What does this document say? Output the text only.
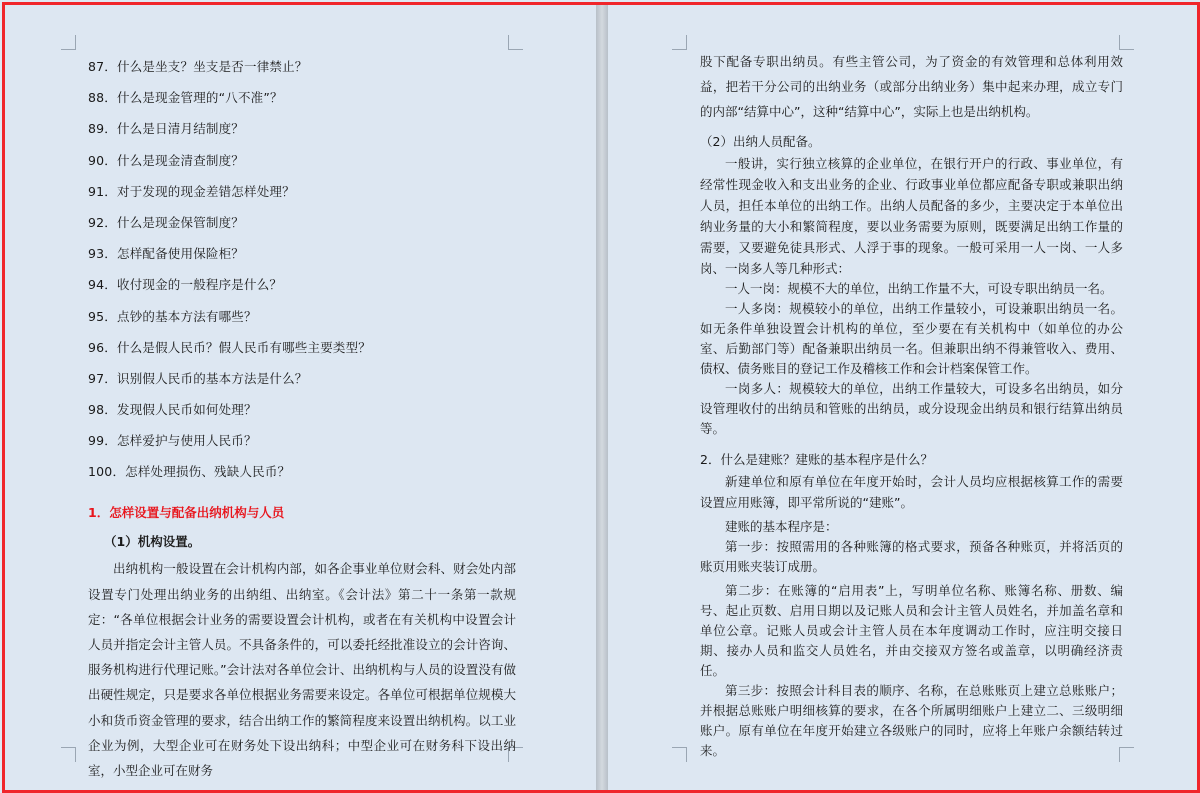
87．什么是坐支？坐支是否一律禁止？
88．什么是现金管理的“八不准”？
89．什么是日清月结制度？
90．什么是现金清查制度？
91．对于发现的现金差错怎样处理？
92．什么是现金保管制度？
93．怎样配备使用保险柜？
94．收付现金的一般程序是什么？
95．点钞的基本方法有哪些？
96．什么是假人民币？假人民币有哪些主要类型？
97．识别假人民币的基本方法是什么？
98．发现假人民币如何处理？
99．怎样爱护与使用人民币？
100．怎样处理损伤、残缺人民币？
1．怎样设置与配备出纳机构与人员
（1）机构设置。

出纳机构一般设置在会计机构内部，如各企事业单位财会科、财会处内部设置专门处理出纳业务的出纳组、出纳室。《会计法》第二十一条第一款规定：“各单位根据会计业务的需要设置会计机构，或者在有关机构中设置会计人员并指定会计主管人员。不具备条件的，可以委托经批准设立的会计咨询、服务机构进行代理记账。”会计法对各单位会计、出纳机构与人员的设置没有做出硬性规定，只是要求各单位根据业务需要来设定。各单位可根据单位规模大小和货币资金管理的要求，结合出纳工作的繁简程度来设置出纳机构。以工业企业为例，大型企业可在财务处下设出纳科；中型企业可在财务科下设出纳室，小型企业可在财务

股下配备专职出纳员。有些主管公司，为了资金的有效管理和总体利用效益，把若干分公司的出纳业务（或部分出纳业务）集中起来办理，成立专门的内部“结算中心”，这种“结算中心”，实际上也是出纳机构。

（2）出纳人员配备。

一般讲，实行独立核算的企业单位，在银行开户的行政、事业单位，有经常性现金收入和支出业务的企业、行政事业单位都应配备专职或兼职出纳人员，担任本单位的出纳工作。出纳人员配备的多少，主要决定于本单位出纳业务量的大小和繁简程度，要以业务需要为原则，既要满足出纳工作量的需要，又要避免徒具形式、人浮于事的现象。一般可采用一人一岗、一人多岗、一岗多人等几种形式：

一人一岗：规模不大的单位，出纳工作量不大，可设专职出纳员一名。

一人多岗：规模较小的单位，出纳工作量较小，可设兼职出纳员一名。如无条件单独设置会计机构的单位，至少要在有关机构中（如单位的办公室、后勤部门等）配备兼职出纳员一名。但兼职出纳不得兼管收入、费用、债权、债务账目的登记工作及稽核工作和会计档案保管工作。

一岗多人：规模较大的单位，出纳工作量较大，可设多名出纳员，如分设管理收付的出纳员和管账的出纳员，或分设现金出纳员和银行结算出纳员等。

2．什么是建账？建账的基本程序是什么？

新建单位和原有单位在年度开始时，会计人员均应根据核算工作的需要设置应用账簿，即平常所说的“建账”。

建账的基本程序是：

第一步：按照需用的各种账簿的格式要求，预备各种账页，并将活页的账页用账夹装订成册。

第二步：在账簿的“启用表”上，写明单位名称、账簿名称、册数、编号、起止页数、启用日期以及记账人员和会计主管人员姓名，并加盖名章和单位公章。记账人员或会计主管人员在本年度调动工作时，应注明交接日期、接办人员和监交人员姓名，并由交接双方签名或盖章，以明确经济责任。

第三步：按照会计科目表的顺序、名称，在总账账页上建立总账账户；并根据总账账户明细核算的要求，在各个所属明细账户上建立二、三级明细账户。原有单位在年度开始建立各级账户的同时，应将上年账户余额结转过来。
